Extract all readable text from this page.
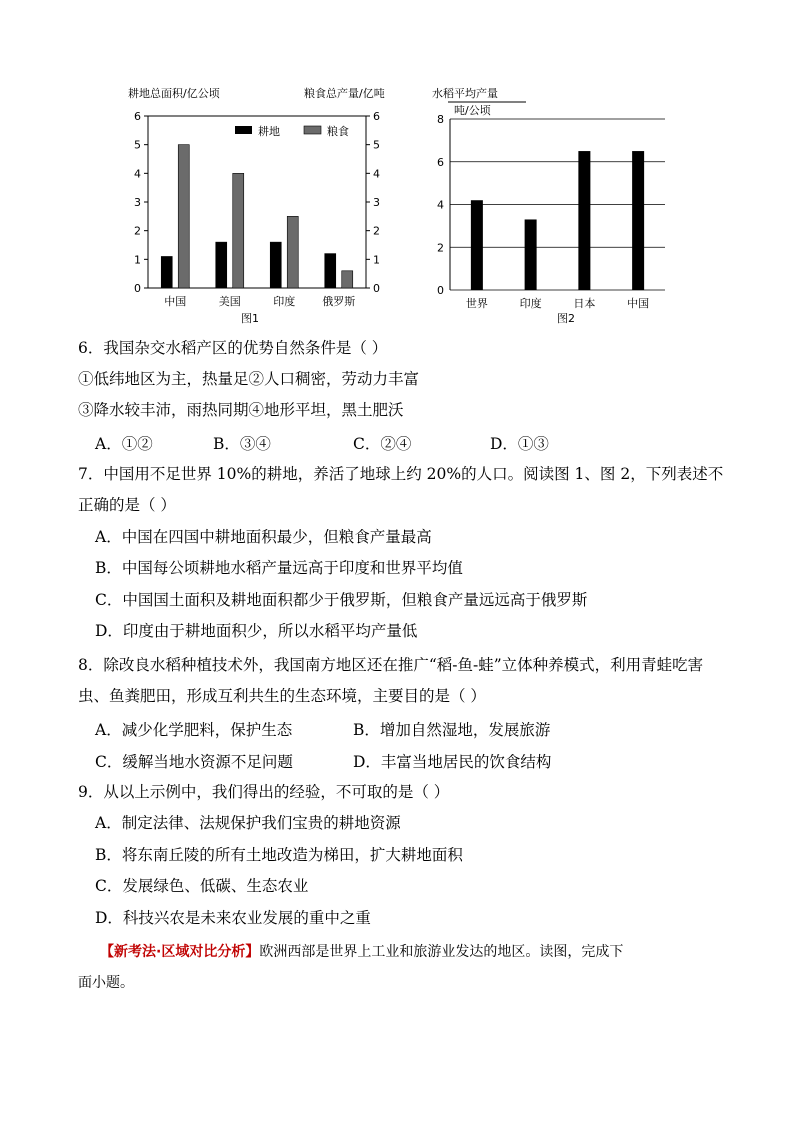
耕地总面积/亿公顷	粮食总产量/亿吨
0	0
1	1
2	2
3	3
4	4
5	5
6	6
中国	美国	印度 俄罗斯
耕地	粮食
图1
水稻平均产量
吨/公顷
0
2
4
6
8
世界	印度	日本	中国
图2
6．我国杂交水稻产区的优势自然条件是（ ）
①低纬地区为主，热量足②人口稠密，劳动力丰富
③降水较丰沛，雨热同期④地形平坦，黑土肥沃
A．①②	B．③④	C．②④	D．①③
7．中国用不足世界 10%的耕地，养活了地球上约 20%的人口。阅读图 1、图 2，下列表述不
正确的是（ ）
A．中国在四国中耕地面积最少，但粮食产量最高
B．中国每公顷耕地水稻产量远高于印度和世界平均值
C．中国国土面积及耕地面积都少于俄罗斯，但粮食产量远远高于俄罗斯
D．印度由于耕地面积少，所以水稻平均产量低
8．除改良水稻种植技术外，我国南方地区还在推广“稻-鱼-蛙”立体种养模式，利用青蛙吃害
虫、鱼粪肥田，形成互利共生的生态环境，主要目的是（ ）
A．减少化学肥料，保护生态	B．增加自然湿地，发展旅游
C．缓解当地水资源不足问题	D．丰富当地居民的饮食结构
9．从以上示例中，我们得出的经验，不可取的是（ ）
A．制定法律、法规保护我们宝贵的耕地资源
B．将东南丘陵的所有土地改造为梯田，扩大耕地面积
C．发展绿色、低碳、生态农业
D．科技兴农是未来农业发展的重中之重
【新考法·区域对比分析】欧洲西部是世界上工业和旅游业发达的地区。读图，完成下
面小题。
